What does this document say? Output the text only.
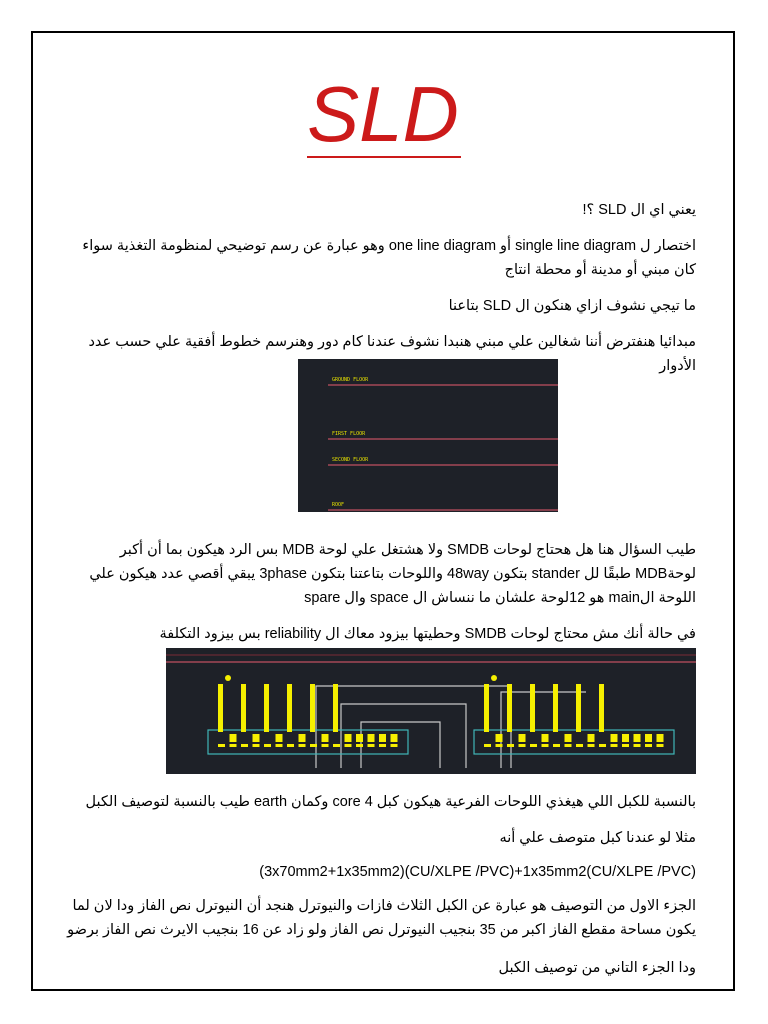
SLD
يعني اي ال SLD ؟!
اختصار ل single line diagram أو one line diagram وهو عبارة عن رسم توضيحي لمنظومة التغذية سواء كان مبني أو مدينة أو محطة انتاج
ما تيجي نشوف ازاي هنكون ال SLD بتاعنا
مبدائيا هنفترض أننا شغالين علي مبني هنبدا نشوف عندنا كام دور وهنرسم خطوط أفقية علي حسب عدد الأدوار
GROUND FLOOR
FIRST FLOOR
SECOND FLOOR
ROOF
طيب السؤال هنا هل هحتاج لوحات SMDB ولا هشتغل علي لوحة MDB بس الرد هيكون بما أن أكبر لوحةMDB طبقًا لل stander بتكون 48way واللوحات بتاعتنا بتكون 3phase يبقي أقصي عدد هيكون علي اللوحة الmain هو 12لوحة علشان ما ننساش ال space وال spare
في حالة أنك مش محتاج لوحات SMDB وحطيتها بيزود معاك ال reliability بس بيزود التكلفة
بالنسبة للكبل اللي هيغذي اللوحات الفرعية هيكون كبل 4 core وكمان earth طيب بالنسبة لتوصيف الكبل
مثلا لو عندنا كبل متوصف علي أنه
(3x70mm2+1x35mm2)(CU/XLPE /PVC)+1x35mm2(CU/XLPE /PVC)
الجزء الاول من التوصيف هو عبارة عن الكبل الثلاث فازات والنيوترل هنجد أن النيوترل نص الفاز ودا لان لما يكون مساحة مقطع الفاز اكبر من 35 بنجيب النيوترل نص الفاز ولو زاد عن 16 بنجيب الايرث نص الفاز برضو
ودا الجزء التاني من توصيف الكبل
